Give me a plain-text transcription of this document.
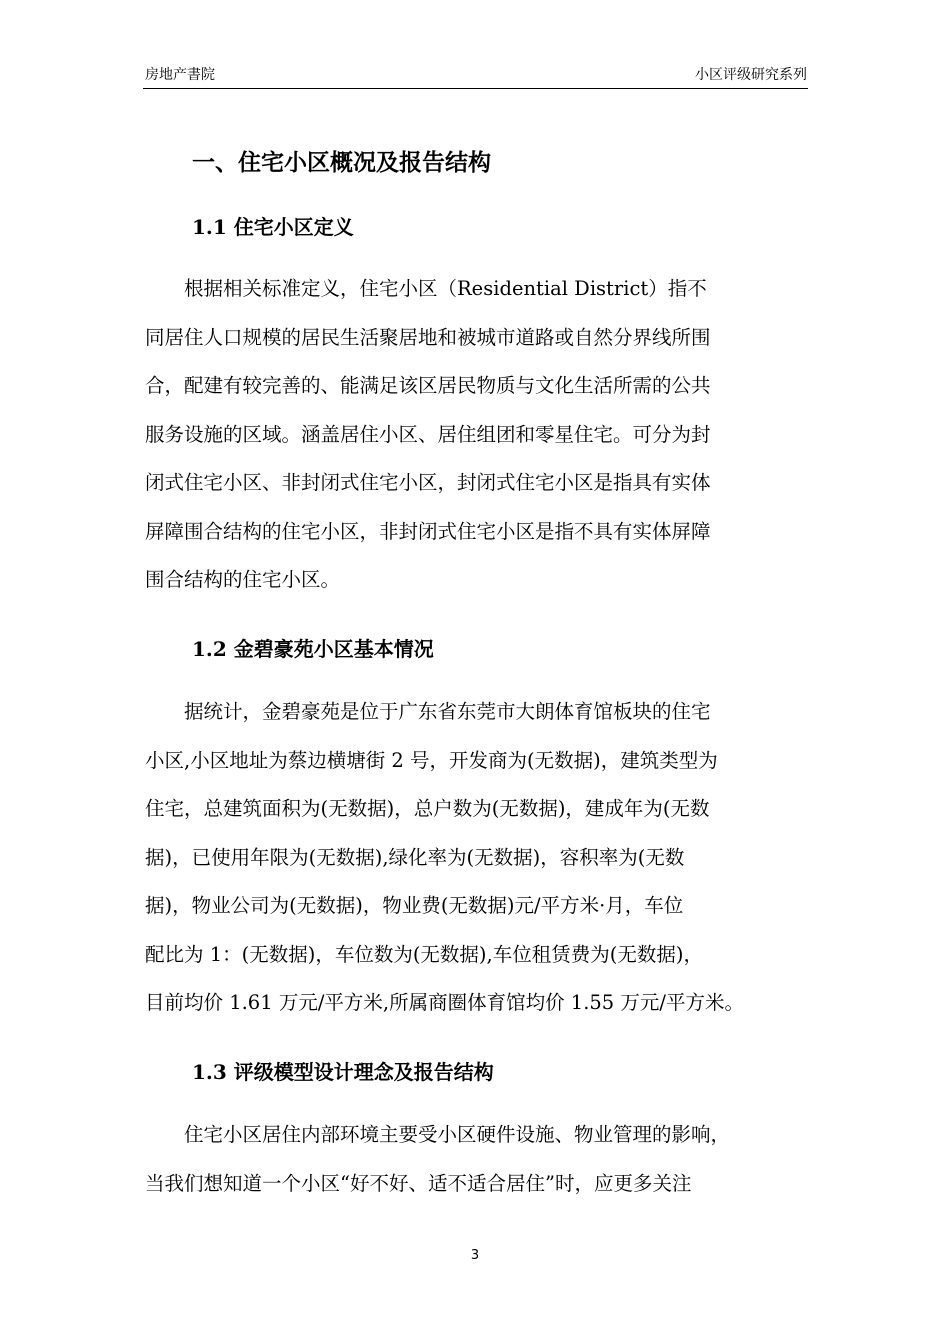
房地产書院	小区评级研究系列
一、住宅小区概况及报告结构
1.1 住宅小区定义
　　根据相关标准定义，住宅小区（Residential District）指不
同居住人口规模的居民生活聚居地和被城市道路或自然分界线所围
合，配建有较完善的、能满足该区居民物质与文化生活所需的公共
服务设施的区域。涵盖居住小区、居住组团和零星住宅。可分为封
闭式住宅小区、非封闭式住宅小区，封闭式住宅小区是指具有实体
屏障围合结构的住宅小区，非封闭式住宅小区是指不具有实体屏障
围合结构的住宅小区。
1.2 金碧豪苑小区基本情况
　　据统计，金碧豪苑是位于广东省东莞市大朗体育馆板块的住宅
小区,小区地址为蔡边横塘街 2 号，开发商为(无数据)，建筑类型为
住宅，总建筑面积为(无数据)，总户数为(无数据)，建成年为(无数
据)，已使用年限为(无数据),绿化率为(无数据)，容积率为(无数
据)，物业公司为(无数据)，物业费(无数据)元/平方米·月，车位
配比为 1：(无数据)，车位数为(无数据),车位租赁费为(无数据)，
目前均价 1.61 万元/平方米,所属商圈体育馆均价 1.55 万元/平方米。
1.3 评级模型设计理念及报告结构
　　住宅小区居住内部环境主要受小区硬件设施、物业管理的影响，
当我们想知道一个小区“好不好、适不适合居住”时，应更多关注
3
